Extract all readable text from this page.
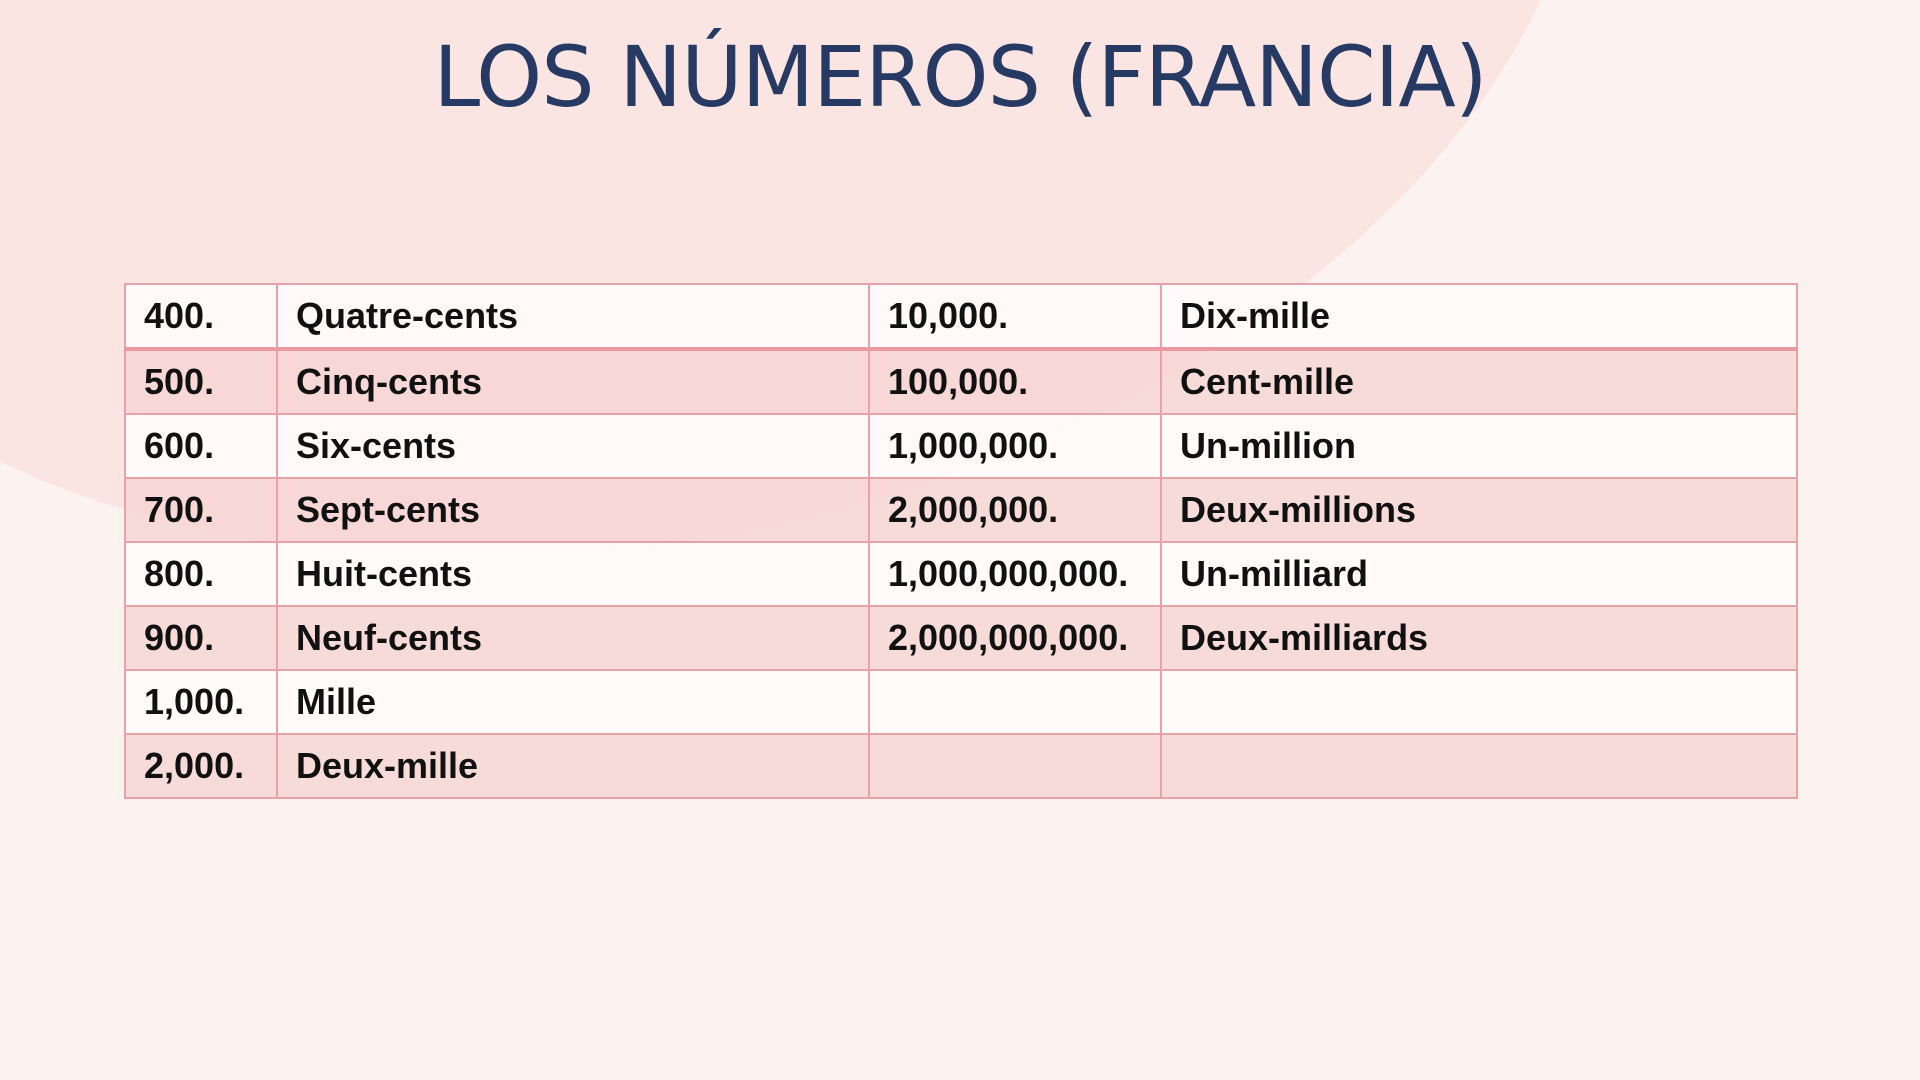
LOS NÚMEROS (FRANCIA)
400.	Quatre-cents	10,000.	Dix-mille
500.	Cinq-cents	100,000.	Cent-mille
600.	Six-cents	1,000,000.	Un-million
700.	Sept-cents	2,000,000.	Deux-millions
800.	Huit-cents	1,000,000,000.	Un-milliard
900.	Neuf-cents	2,000,000,000.	Deux-milliards
1,000.	Mille		
2,000.	Deux-mille		
